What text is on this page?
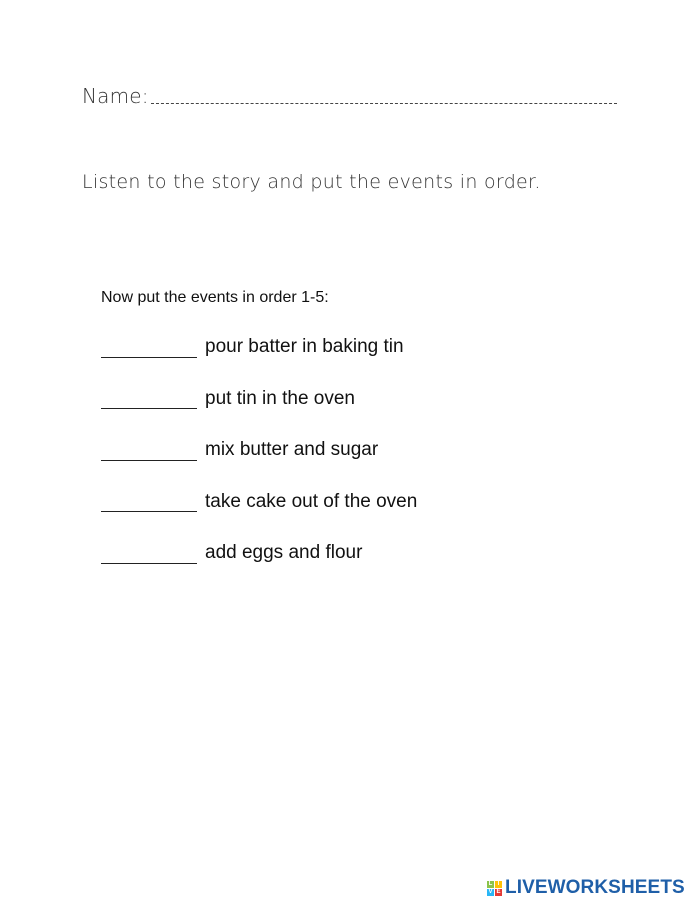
Name:
Listen to the story and put the events in order.
Now put the events in order 1-5:
pour batter in baking tin
put tin in the oven
mix butter and sugar
take cake out of the oven
add eggs and flour
L I
V E LIVEWORKSHEETS
